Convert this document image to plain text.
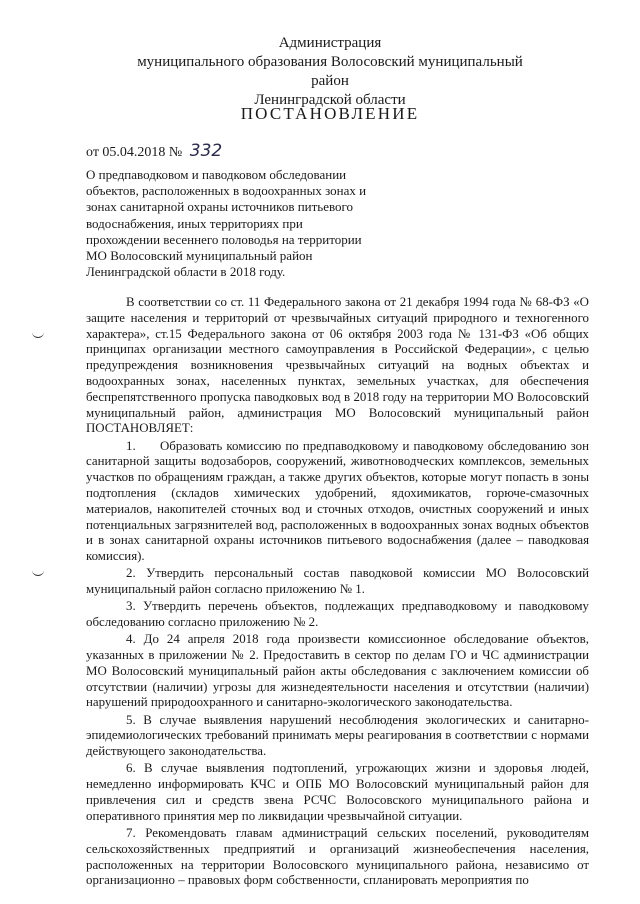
Администрация
муниципального образования Волосовский муниципальный район
Ленинградской области
ПОСТАНОВЛЕНИЕ
от 05.04.2018 № 332
О предпаводковом и паводковом обследовании
объектов, расположенных в водоохранных зонах и
зонах санитарной охраны источников питьевого
водоснабжения, иных территориях при
прохождении весеннего половодья на территории
МО Волосовский муниципальный район
Ленинградской области в 2018 году.

В соответствии со ст. 11 Федерального закона от 21 декабря 1994 года № 68-ФЗ «О защите населения и территорий от чрезвычайных ситуаций природного и техногенного характера», ст.15 Федерального закона от 06 октября 2003 года № 131-ФЗ «Об общих принципах организации местного самоуправления в Российской Федерации», с целью предупреждения возникновения чрезвычайных ситуаций на водных объектах и водоохранных зонах, населенных пунктах, земельных участках, для обеспечения беспрепятственного пропуска паводковых вод в 2018 году на территории МО Волосовский муниципальный район, администрация МО Волосовский муниципальный район ПОСТАНОВЛЯЕТ:

1. Образовать комиссию по предпаводковому и паводковому обследованию зон санитарной защиты водозаборов, сооружений, животноводческих комплексов, земельных участков по обращениям граждан, а также других объектов, которые могут попасть в зоны подтопления (складов химических удобрений, ядохимикатов, горюче-смазочных материалов, накопителей сточных вод и сточных отходов, очистных сооружений и иных потенциальных загрязнителей вод, расположенных в водоохранных зонах водных объектов и в зонах санитарной охраны источников питьевого водоснабжения (далее – паводковая комиссия).

2. Утвердить персональный состав паводковой комиссии МО Волосовский муниципальный район согласно приложению № 1.

3. Утвердить перечень объектов, подлежащих предпаводковому и паводковому обследованию согласно приложению № 2.

4. До 24 апреля 2018 года произвести комиссионное обследование объектов, указанных в приложении № 2. Предоставить в сектор по делам ГО и ЧС администрации МО Волосовский муниципальный район акты обследования с заключением комиссии об отсутствии (наличии) угрозы для жизнедеятельности населения и отсутствии (наличии) нарушений природоохранного и санитарно-экологического законодательства.

5. В случае выявления нарушений несоблюдения экологических и санитарно-эпидемиологических требований принимать меры реагирования в соответствии с нормами действующего законодательства.

6. В случае выявления подтоплений, угрожающих жизни и здоровья людей, немедленно информировать КЧС и ОПБ МО Волосовский муниципальный район для привлечения сил и средств звена РСЧС Волосовского муниципального района и оперативного принятия мер по ликвидации чрезвычайной ситуации.

7. Рекомендовать главам администраций сельских поселений, руководителям сельскохозяйственных предприятий и организаций жизнеобеспечения населения, расположенных на территории Волосовского муниципального района, независимо от организационно – правовых форм собственности, спланировать мероприятия по
